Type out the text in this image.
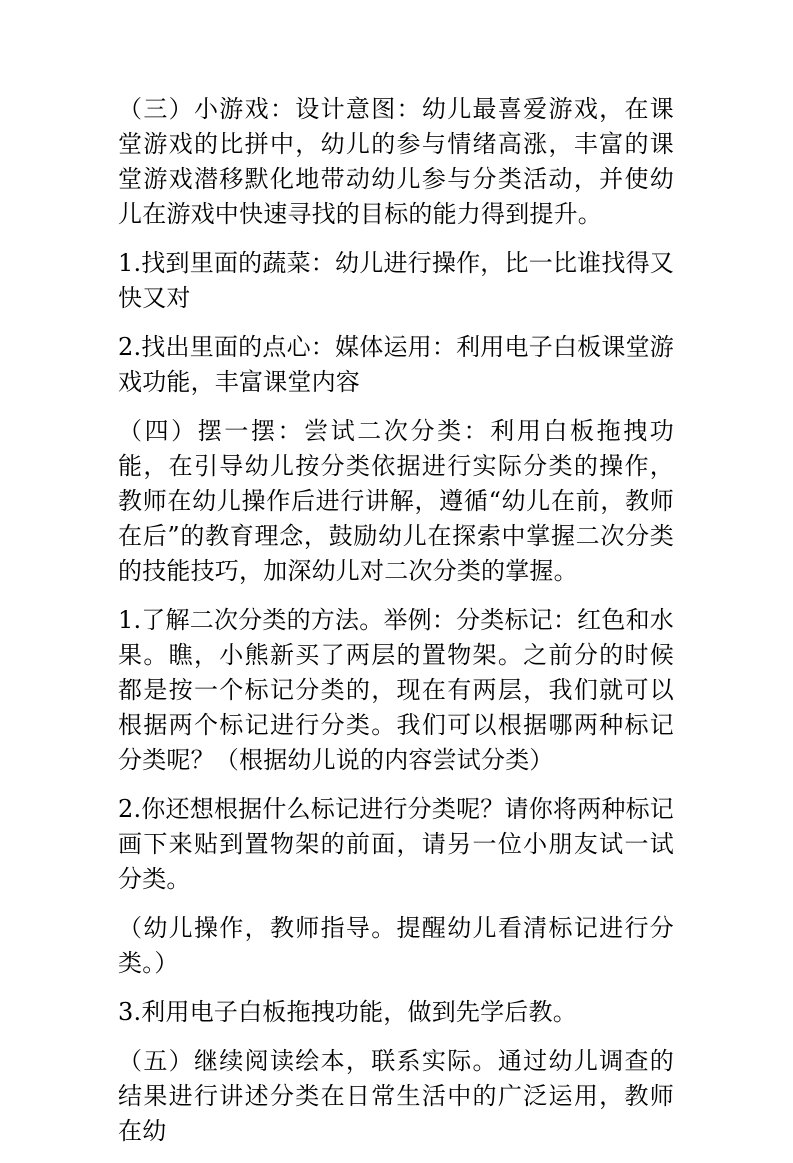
（三）小游戏：设计意图：幼儿最喜爱游戏，在课堂游戏的比拼中，幼儿的参与情绪高涨，丰富的课堂游戏潜移默化地带动幼儿参与分类活动，并使幼儿在游戏中快速寻找的目标的能力得到提升。

1.找到里面的蔬菜：幼儿进行操作，比一比谁找得又快又对

2.找出里面的点心：媒体运用：利用电子白板课堂游戏功能，丰富课堂内容

（四）摆一摆：尝试二次分类：利用白板拖拽功能，在引导幼儿按分类依据进行实际分类的操作，教师在幼儿操作后进行讲解，遵循“幼儿在前，教师在后”的教育理念，鼓励幼儿在探索中掌握二次分类的技能技巧，加深幼儿对二次分类的掌握。

1.了解二次分类的方法。举例：分类标记：红色和水果。瞧，小熊新买了两层的置物架。之前分的时候都是按一个标记分类的，现在有两层，我们就可以根据两个标记进行分类。我们可以根据哪两种标记分类呢？（根据幼儿说的内容尝试分类）

2.你还想根据什么标记进行分类呢？请你将两种标记画下来贴到置物架的前面，请另一位小朋友试一试分类。

（幼儿操作，教师指导。提醒幼儿看清标记进行分类。）

3.利用电子白板拖拽功能，做到先学后教。

（五）继续阅读绘本，联系实际。通过幼儿调查的结果进行讲述分类在日常生活中的广泛运用，教师在幼
